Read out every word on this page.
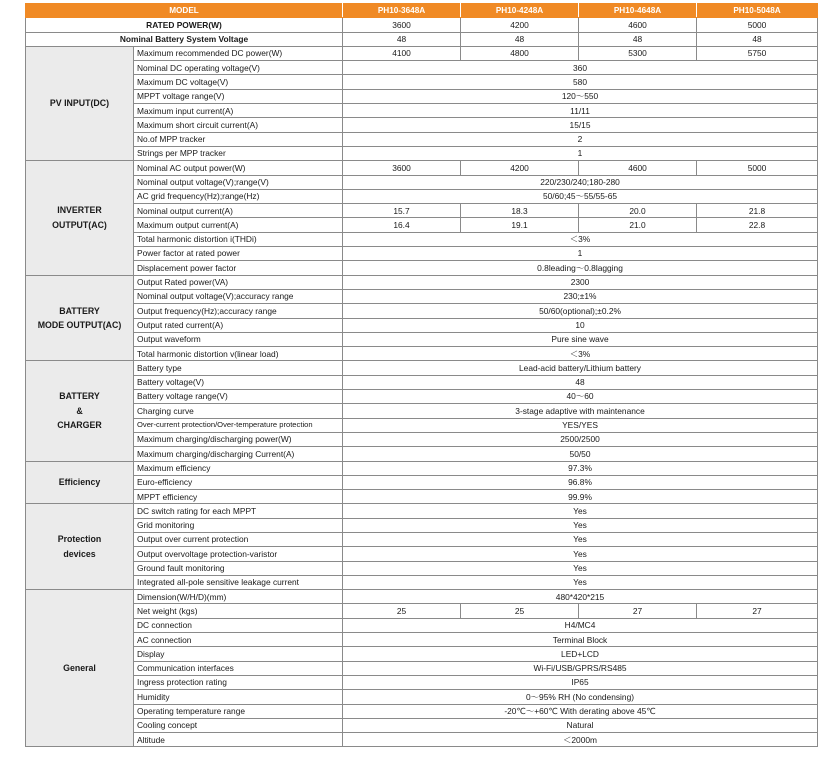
MODEL		PH10-3648A	PH10-4248A	PH10-4648A	PH10-5048A
RATED POWER(W)		3600	4200	4600	5000
Nominal Battery System Voltage		48	48	48	48

PV INPUT(DC)	Maximum recommended DC power(W)	4100	4800	5300	5750
	Nominal DC operating voltage(V)	360			
	Maximum DC voltage(V)	580			
	MPPT voltage range(V)	120～550			
	Maximum input current(A)	11/11			
	Maximum short circuit current(A)	15/15			
	No.of MPP tracker	2			
	Strings per MPP tracker	1			

INVERTER
OUTPUT(AC)	Nominal AC output power(W)	3600	4200	4600	5000
	Nominal output voltage(V);range(V)	220/230/240;180-280			
	AC grid frequency(Hz);range(Hz)	50/60;45～55/55-65			
	Nominal output current(A)	15.7	18.3	20.0	21.8
	Maximum output current(A)	16.4	19.1	21.0	22.8
	Total harmonic distortion i(THDi)	＜3%			
	Power factor at rated power	1			
	Displacement power factor	0.8leading～0.8lagging			

BATTERY
MODE OUTPUT(AC)	Output Rated power(VA)	2300			
	Nominal output voltage(V);accuracy range	230;±1%			
	Output frequency(Hz);accuracy range	50/60(optional);±0.2%			
	Output rated current(A)	10			
	Output waveform	Pure sine wave			
	Total harmonic distortion v(linear load)	＜3%			

BATTERY
&
CHARGER	Battery type	Lead-acid battery/Lithium battery			
	Battery voltage(V)	48			
	Battery voltage range(V)	40～60			
	Charging curve	3-stage adaptive with maintenance			
	Over-current protection/Over-temperature protection	YES/YES			
	Maximum charging/discharging power(W)	2500/2500			
	Maximum charging/discharging Current(A)	50/50			

Efficiency	Maximum efficiency	97.3%			
	Euro-efficiency	96.8%			
	MPPT efficiency	99.9%			

Protection
devices	DC switch rating for each MPPT	Yes			
	Grid monitoring	Yes			
	Output over current protection	Yes			
	Output overvoltage protection-varistor	Yes			
	Ground fault monitoring	Yes			
	Integrated all-pole sensitive leakage current	Yes			

General	Dimension(W/H/D)(mm)	480*420*215			
	Net weight (kgs)	25	25	27	27
	DC connection	H4/MC4			
	AC connection	Terminal Block			
	Display	LED+LCD			
	Communication interfaces	Wi-Fi/USB/GPRS/RS485			
	Ingress protection rating	IP65			
	Humidity	0～95% RH (No condensing)			
	Operating temperature range	-20℃～+60℃ With derating above 45℃			
	Cooling concept	Natural			
	Altitude	＜2000m			
